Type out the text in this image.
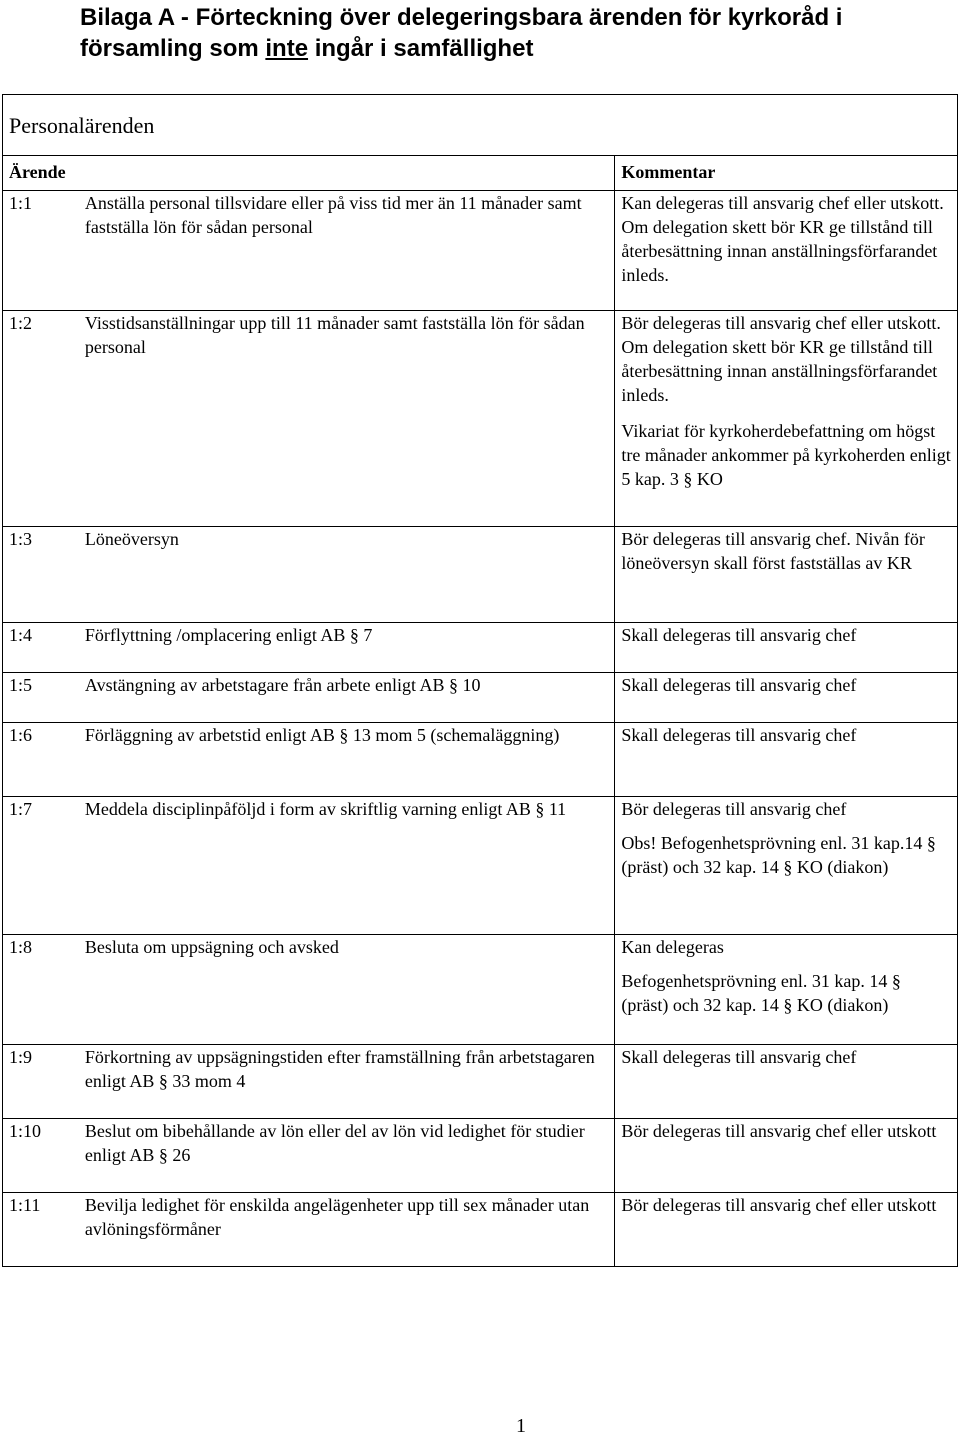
Bilaga A - Förteckning över delegeringsbara ärenden för kyrkoråd i
församling som inte ingår i samfällighet
Personalärenden		
Ärende		Kommentar
1:1	Anställa personal tillsvidare eller på viss tid mer än 11 månader samt fastställa lön för sådan personal	Kan delegeras till ansvarig chef eller utskott. Om delegation skett bör KR ge tillstånd till återbesättning innan anställningsförfarandet inleds.

1:2	Visstidsanställningar upp till 11 månader samt fastställa lön för sådan personal	Bör delegeras till ansvarig chef eller utskott. Om delegation skett bör KR ge tillstånd till återbesättning innan anställningsförfarandet inleds.

Vikariat för kyrkoherdebefattning om högst tre månader ankommer på kyrkoherden enligt 5 kap. 3 § KO

1:3	Löneöversyn	Bör delegeras till ansvarig chef. Nivån för löneöversyn skall först fastställas av KR

1:4	Förflyttning /omplacering enligt AB § 7	Skall delegeras till ansvarig chef

1:5	Avstängning av arbetstagare från arbete enligt AB § 10	Skall delegeras till ansvarig chef

1:6	Förläggning av arbetstid enligt AB § 13 mom 5 (schemaläggning)	Skall delegeras till ansvarig chef

1:7	Meddela disciplinpåföljd i form av skriftlig varning enligt AB § 11	Bör delegeras till ansvarig chef

Obs! Befogenhetsprövning enl. 31 kap.14 § (präst) och 32 kap. 14 § KO (diakon)

1:8	Besluta om uppsägning och avsked	Kan delegeras

Befogenhetsprövning enl. 31 kap. 14 § (präst) och 32 kap. 14 § KO (diakon)

1:9	Förkortning av uppsägningstiden efter framställning från arbetstagaren enligt AB § 33 mom 4	Skall delegeras till ansvarig chef

1:10	Beslut om bibehållande av lön eller del av lön vid ledighet för studier enligt AB § 26	Bör delegeras till ansvarig chef eller utskott

1:11	Bevilja ledighet för enskilda angelägenheter upp till sex månader utan avlöningsförmåner	Bör delegeras till ansvarig chef eller utskott

1
